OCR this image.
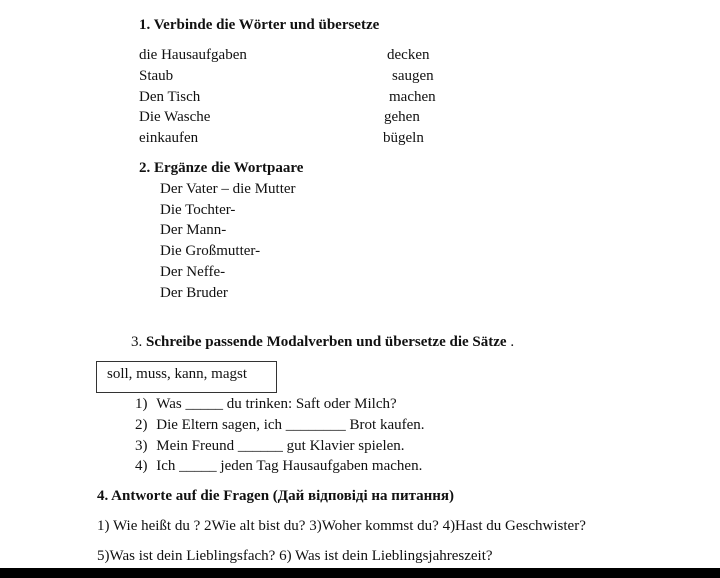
1. Verbinde die Wörter und übersetze
die Hausaufgaben
Staub
Den Tisch
Die Wasche
einkaufen
decken
saugen
machen
gehen
bügeln
2. Ergänze die Wortpaare
Der Vater – die Mutter
Die Tochter-
Der Mann-
Die Großmutter-
Der Neffe-
Der Bruder
3. Schreibe passende Modalverben und übersetze die Sätze .
soll, muss, kann, magst
1) Was _____ du trinken: Saft oder Milch?
2) Die Eltern sagen, ich ________ Brot kaufen.
3) Mein Freund ______ gut Klavier spielen.
4) Ich _____ jeden Tag Hausaufgaben machen.
4. Antworte auf die Fragen (Дай відповіді на питання)
1) Wie heißt du ? 2Wie alt bist du? 3)Woher kommst du? 4)Hast du Geschwister?
5)Was ist dein Lieblingsfach? 6) Was ist dein Lieblingsjahreszeit?
